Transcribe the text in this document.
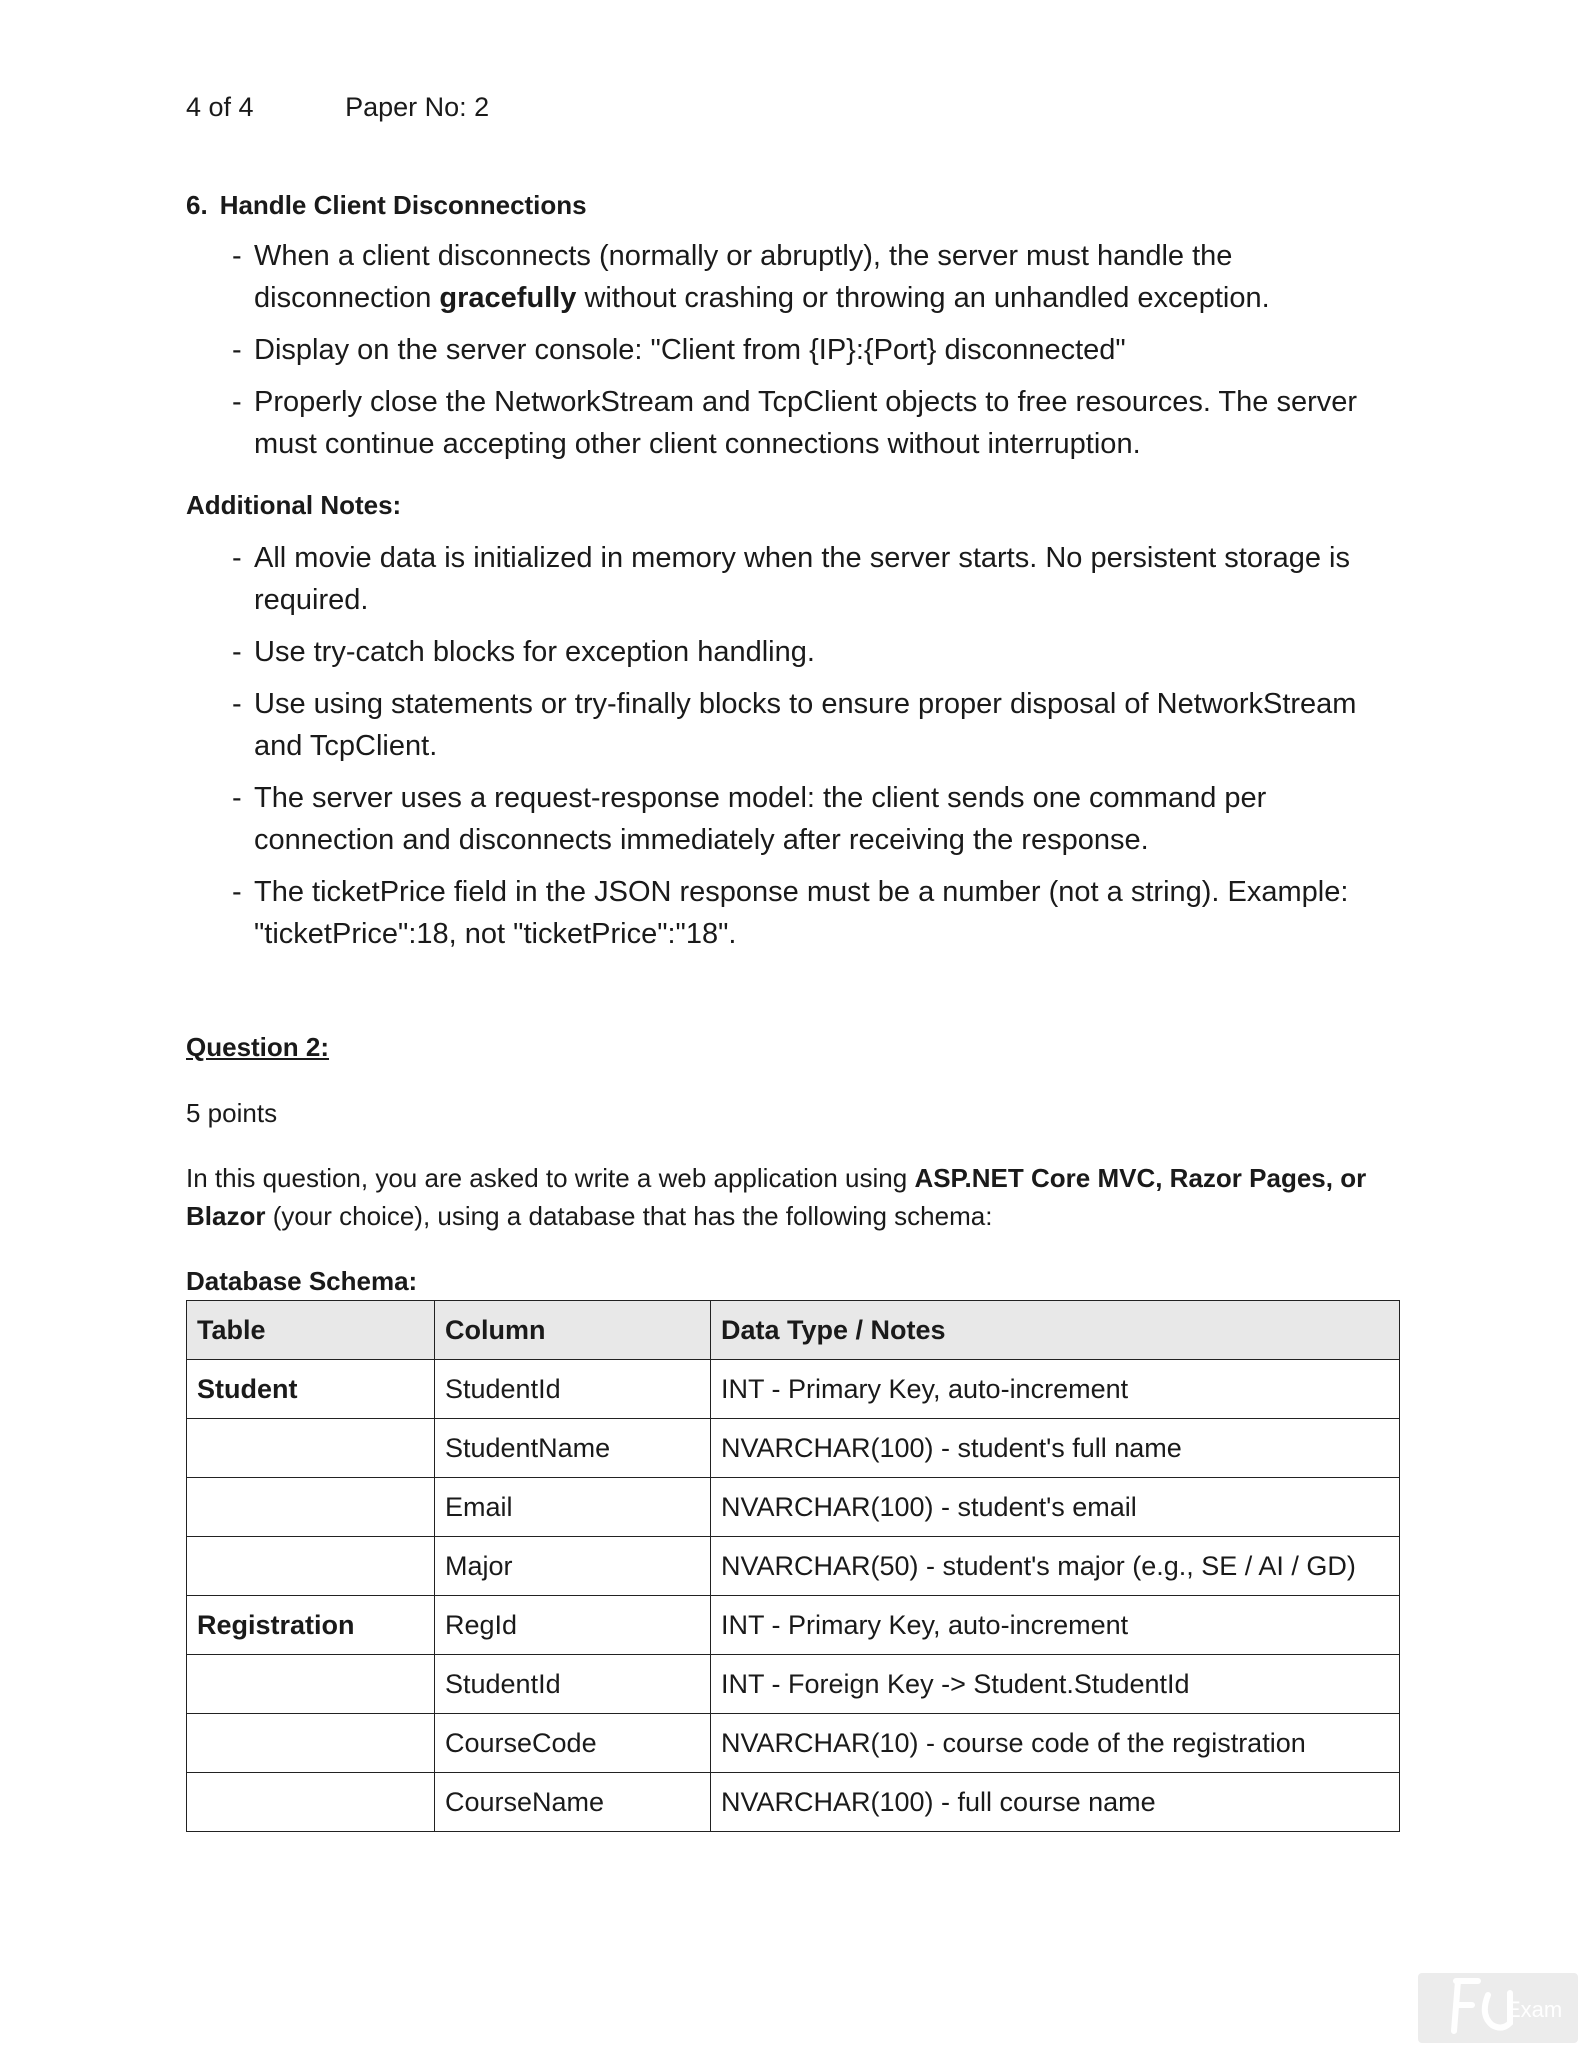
4 of 4	Paper No: 2

6. Handle Client Disconnections

- When a client disconnects (normally or abruptly), the server must handle the disconnection gracefully without crashing or throwing an unhandled exception.
- Display on the server console: "Client from {IP}:{Port} disconnected"
- Properly close the NetworkStream and TcpClient objects to free resources. The server must continue accepting other client connections without interruption.

Additional Notes:

- All movie data is initialized in memory when the server starts. No persistent storage is required.
- Use try-catch blocks for exception handling.
- Use using statements or try-finally blocks to ensure proper disposal of NetworkStream and TcpClient.
- The server uses a request-response model: the client sends one command per connection and disconnects immediately after receiving the response.
- The ticketPrice field in the JSON response must be a number (not a string). Example: "ticketPrice":18, not "ticketPrice":"18".

Question 2:

5 points

In this question, you are asked to write a web application using ASP.NET Core MVC, Razor Pages, or Blazor (your choice), using a database that has the following schema:

Database Schema:

Table	Column	Data Type / Notes
Student	StudentId	INT - Primary Key, auto-increment
	StudentName	NVARCHAR(100) - student's full name
	Email	NVARCHAR(100) - student's email
	Major	NVARCHAR(50) - student's major (e.g., SE / AI / GD)
Registration	RegId	INT - Primary Key, auto-increment
	StudentId	INT - Foreign Key -> Student.StudentId
	CourseCode	NVARCHAR(10) - course code of the registration
	CourseName	NVARCHAR(100) - full course name
Exam
